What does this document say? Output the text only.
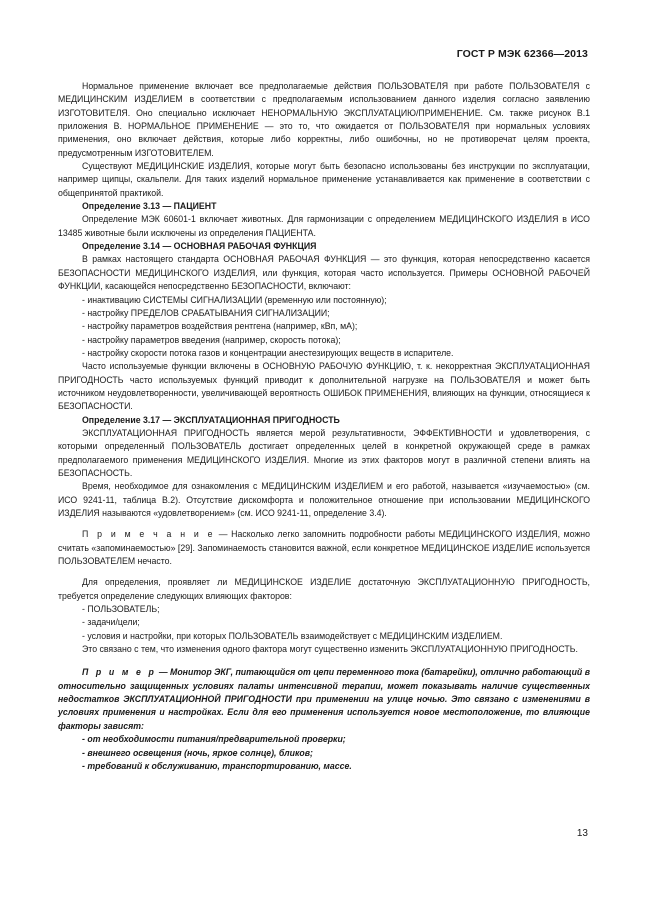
ГОСТ Р МЭК 62366—2013

Нормальное применение включает все предполагаемые действия ПОЛЬЗОВАТЕЛЯ при работе ПОЛЬЗОВАТЕЛЯ с МЕДИЦИНСКИМ ИЗДЕЛИЕМ в соответствии с предполагаемым использованием данного изделия согласно заявлению ИЗГОТОВИТЕЛЯ. Оно специально исключает НЕНОРМАЛЬНУЮ ЭКСПЛУАТАЦИЮ/ПРИМЕНЕНИЕ. См. также рисунок В.1 приложения В. НОРМАЛЬНОЕ ПРИМЕНЕНИЕ — это то, что ожидается от ПОЛЬЗОВАТЕЛЯ при нормальных условиях применения, оно включает действия, которые либо корректны, либо ошибочны, но не противоречат целям проекта, предусмотренным ИЗГОТОВИТЕЛЕМ.

Существуют МЕДИЦИНСКИЕ ИЗДЕЛИЯ, которые могут быть безопасно использованы без инструкции по эксплуатации, например щипцы, скальпели. Для таких изделий нормальное применение устанавливается как применение в соответствии с общепринятой практикой.

Определение 3.13 — ПАЦИЕНТ

Определение МЭК 60601-1 включает животных. Для гармонизации с определением МЕДИЦИНСКОГО ИЗДЕЛИЯ в ИСО 13485 животные были исключены из определения ПАЦИЕНТА.

Определение 3.14 — ОСНОВНАЯ РАБОЧАЯ ФУНКЦИЯ

В рамках настоящего стандарта ОСНОВНАЯ РАБОЧАЯ ФУНКЦИЯ — это функция, которая непосредственно касается БЕЗОПАСНОСТИ МЕДИЦИНСКОГО ИЗДЕЛИЯ, или функция, которая часто используется. Примеры ОСНОВНОЙ РАБОЧЕЙ ФУНКЦИИ, касающейся непосредственно БЕЗОПАСНОСТИ, включают:

- инактивацию СИСТЕМЫ СИГНАЛИЗАЦИИ (временную или постоянную);
- настройку ПРЕДЕЛОВ СРАБАТЫВАНИЯ СИГНАЛИЗАЦИИ;
- настройку параметров воздействия рентгена (например, кВп, мА);
- настройку параметров введения (например, скорость потока);
- настройку скорости потока газов и концентрации анестезирующих веществ в испарителе.

Часто используемые функции включены в ОСНОВНУЮ РАБОЧУЮ ФУНКЦИЮ, т. к. некорректная ЭКСПЛУАТАЦИОННАЯ ПРИГОДНОСТЬ часто используемых функций приводит к дополнительной нагрузке на ПОЛЬЗОВАТЕЛЯ и может быть источником неудовлетворенности, увеличивающей вероятность ОШИБОК ПРИМЕНЕНИЯ, влияющих на функции, относящиеся к БЕЗОПАСНОСТИ.

Определение 3.17 — ЭКСПЛУАТАЦИОННАЯ ПРИГОДНОСТЬ

ЭКСПЛУАТАЦИОННАЯ ПРИГОДНОСТЬ является мерой результативности, ЭФФЕКТИВНОСТИ и удовлетворения, с которыми определенный ПОЛЬЗОВАТЕЛЬ достигает определенных целей в конкретной окружающей среде в рамках предполагаемого применения МЕДИЦИНСКОГО ИЗДЕЛИЯ. Многие из этих факторов могут в различной степени влиять на БЕЗОПАСНОСТЬ.

Время, необходимое для ознакомления с МЕДИЦИНСКИМ ИЗДЕЛИЕМ и его работой, называется «изучаемостью» (см. ИСО 9241-11, таблица В.2). Отсутствие дискомфорта и положительное отношение при использовании МЕДИЦИНСКОГО ИЗДЕЛИЯ называются «удовлетворением» (см. ИСО 9241-11, определение 3.4).

П р и м е ч а н и е — Насколько легко запомнить подробности работы МЕДИЦИНСКОГО ИЗДЕЛИЯ, можно считать «запоминаемостью» [29]. Запоминаемость становится важной, если конкретное МЕДИЦИНСКОЕ ИЗДЕЛИЕ используется ПОЛЬЗОВАТЕЛЕМ нечасто.

Для определения, проявляет ли МЕДИЦИНСКОЕ ИЗДЕЛИЕ достаточную ЭКСПЛУАТАЦИОННУЮ ПРИГОДНОСТЬ, требуется определение следующих влияющих факторов:

- ПОЛЬЗОВАТЕЛЬ;
- задачи/цели;
- условия и настройки, при которых ПОЛЬЗОВАТЕЛЬ взаимодействует с МЕДИЦИНСКИМ ИЗДЕЛИЕМ.

Это связано с тем, что изменения одного фактора могут существенно изменить ЭКСПЛУАТАЦИОННУЮ ПРИГОДНОСТЬ.

П р и м е р — Монитор ЭКГ, питающийся от цепи переменного тока (батарейки), отлично работающий в относительно защищенных условиях палаты интенсивной терапии, может показывать наличие существенных недостатков ЭКСПЛУАТАЦИОННОЙ ПРИГОДНОСТИ при применении на улице ночью. Это связано с изменениями в условиях применения и настройках. Если для его применения используется новое местоположение, то влияющие факторы зависят:

- от необходимости питания/предварительной проверки;
- внешнего освещения (ночь, яркое солнце), бликов;
- требований к обслуживанию, транспортированию, массе.
13
